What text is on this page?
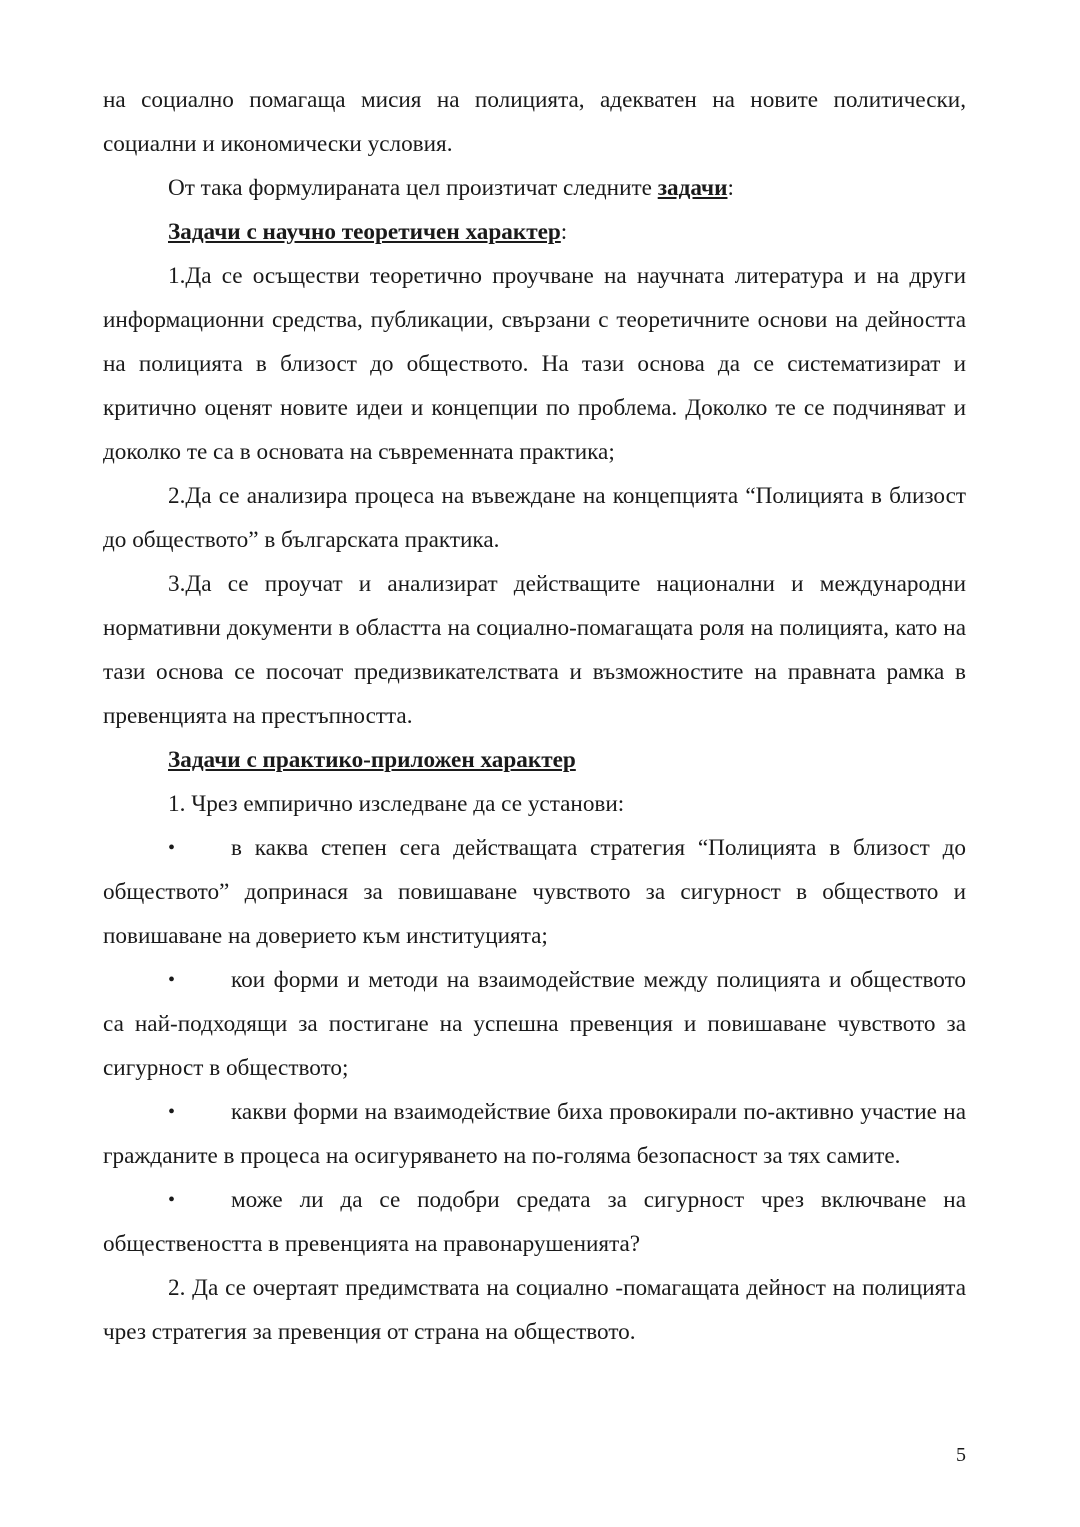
на социално помагаща мисия на полицията, адекватен на новите политически, социални и икономически условия.

От така формулираната цел произтичат следните задачи:

Задачи с научно теоретичен характер:

1.Да се осъществи теоретично проучване на научната литература и на други информационни средства, публикации, свързани с теоретичните основи на дейността на полицията в близост до обществото. На тази основа да се систематизират и критично оценят новите идеи и концепции по проблема. Доколко те се подчиняват и доколко те са в основата на съвременната практика;

2.Да се анализира процеса на въвеждане на концепцията “Полицията в близост до обществото” в българската практика.

3.Да се проучат и анализират действащите национални и международни нормативни документи в областта на социално-помагащата роля на полицията, като на тази основа се посочат предизвикателствата и възможностите на правната рамка в превенцията на престъпността.

Задачи с практико-приложен характер

1. Чрез емпирично изследване да се установи:

• в каква степен сега действащата стратегия “Полицията в близост до обществото” допринася за повишаване чувството за сигурност в обществото и повишаване на доверието към институцията;
• кои форми и методи на взаимодействие между полицията и обществото са най-подходящи за постигане на успешна превенция и повишаване чувството за сигурност в обществото;
• какви форми на взаимодействие биха провокирали по-активно участие на гражданите в процеса на осигуряването на по-голяма безопасност за тях самите.
• може ли да се подобри средата за сигурност чрез включване на обществеността в превенцията на правонарушенията?

2. Да се очертаят предимствата на социално -помагащата дейност на полицията чрез стратегия за превенция от страна на обществото.

5
